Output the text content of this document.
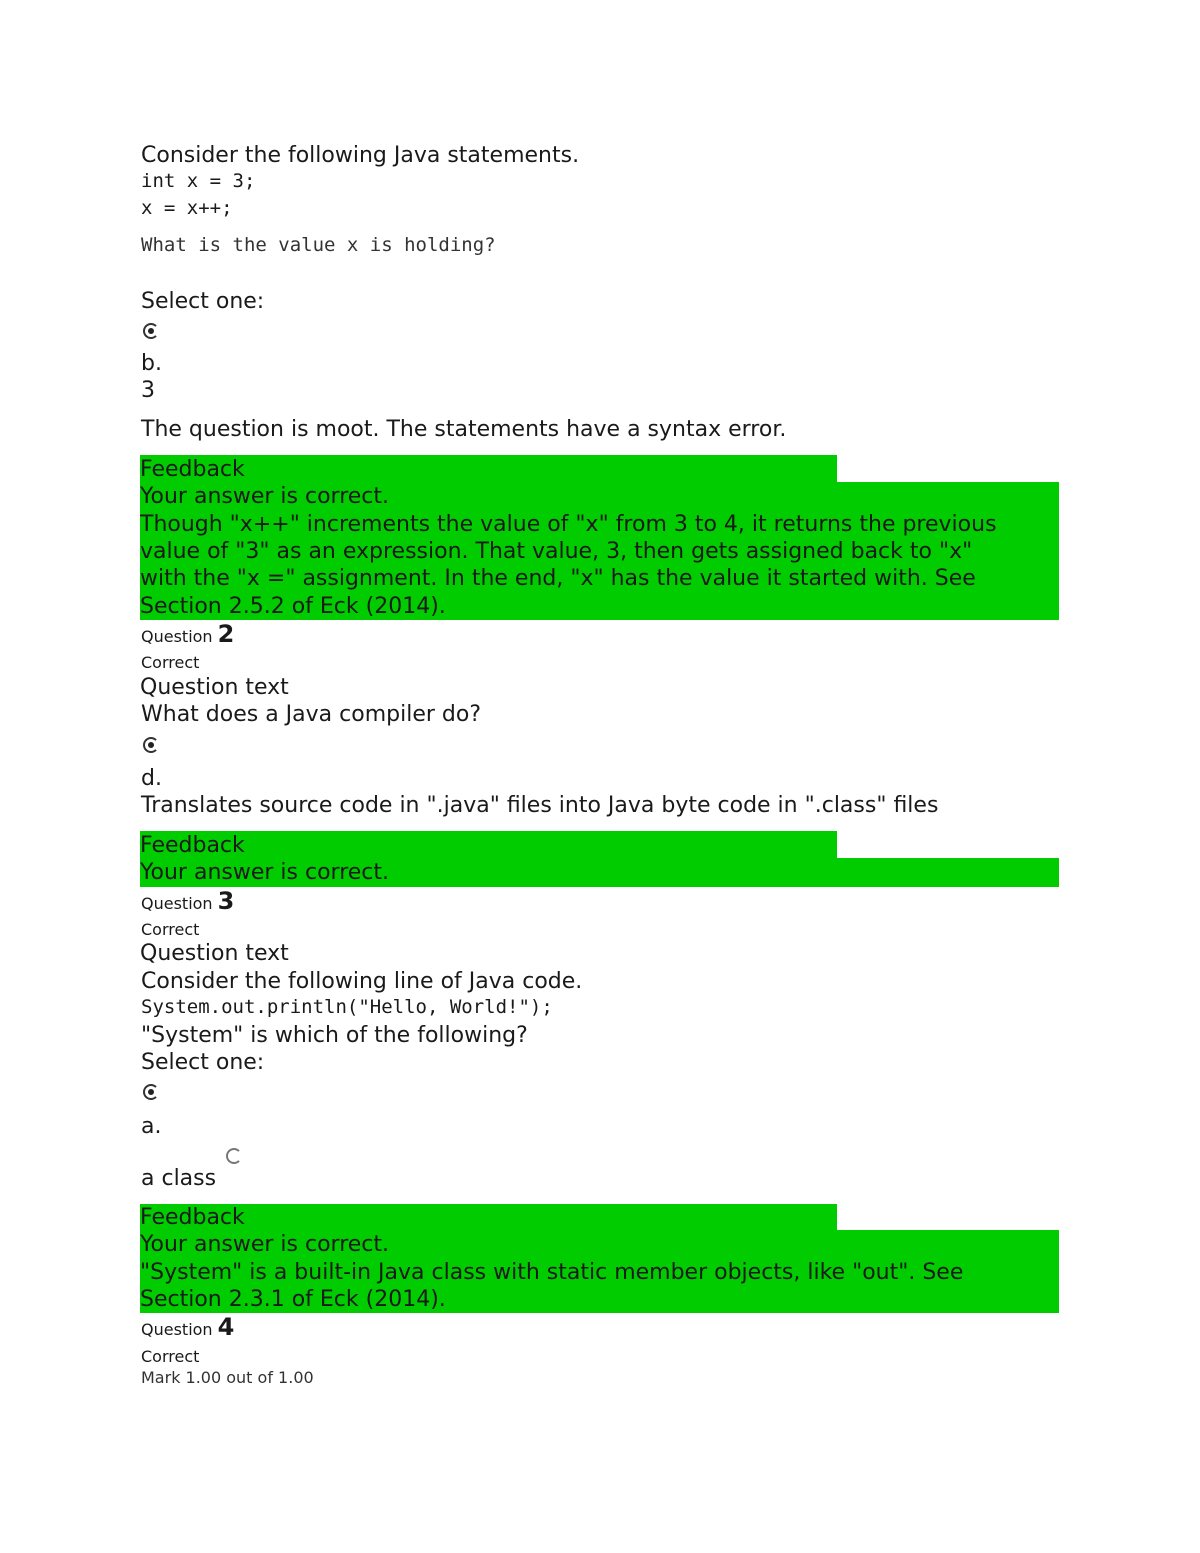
Consider the following Java statements.
int x = 3;
x = x++;
What is the value x is holding?
Select one:
b.
3
The question is moot. The statements have a syntax error.
Feedback
Your answer is correct.
Though "x++" increments the value of "x" from 3 to 4, it returns the previous
value of "3" as an expression. That value, 3, then gets assigned back to "x"
with the "x =" assignment. In the end, "x" has the value it started with. See
Section 2.5.2 of Eck (2014).
Question 2
Correct
Question text
What does a Java compiler do?
d.
Translates source code in ".java" files into Java byte code in ".class" files
Feedback
Your answer is correct.
Question 3
Correct
Question text
Consider the following line of Java code.
System.out.println("Hello, World!");
"System" is which of the following?
Select one:
a.
a class
Feedback
Your answer is correct.
"System" is a built-in Java class with static member objects, like "out". See
Section 2.3.1 of Eck (2014).
Question 4
Correct
Mark 1.00 out of 1.00
